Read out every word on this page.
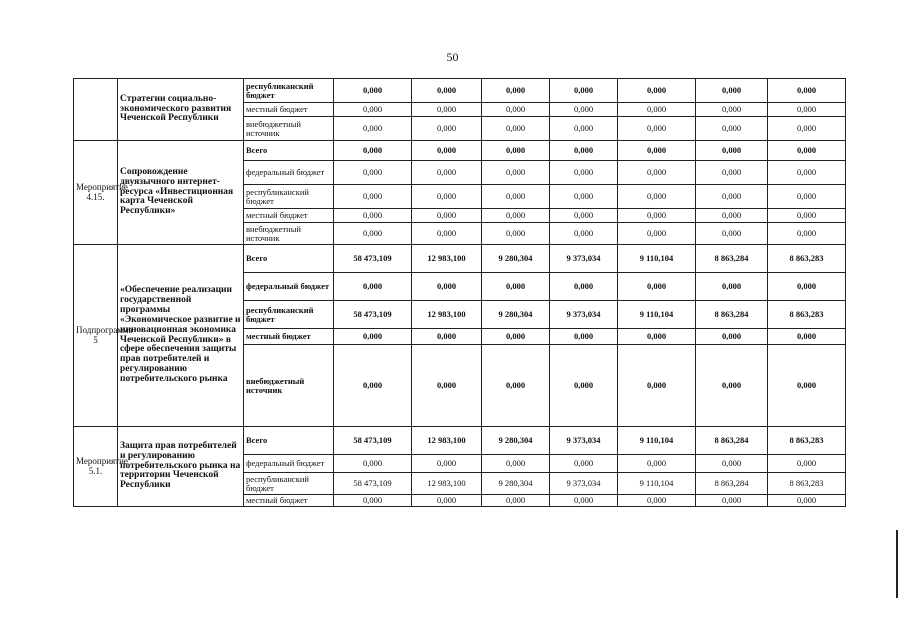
50
	Стратегии социально-экономического развития Чеченской Республики	республиканский бюджет	0,000	0,000	0,000	0,000	0,000	0,000	0,000
		местный бюджет	0,000	0,000	0,000	0,000	0,000	0,000	0,000
		внебюджетный источник	0,000	0,000	0,000	0,000	0,000	0,000	0,000
Мероприятие 4.15.	Сопровождение двуязычного интернет-ресурса «Инвестиционная карта Чеченской Республики»	Всего	0,000	0,000	0,000	0,000	0,000	0,000	0,000
		федеральный бюджет	0,000	0,000	0,000	0,000	0,000	0,000	0,000
		республиканский бюджет	0,000	0,000	0,000	0,000	0,000	0,000	0,000
		местный бюджет	0,000	0,000	0,000	0,000	0,000	0,000	0,000
		внебюджетный источник	0,000	0,000	0,000	0,000	0,000	0,000	0,000
Подпрограмма 5	«Обеспечение реализации государственной программы «Экономическое развитие и инновационная экономика Чеченской Республики» в сфере обеспечения защиты прав потребителей и регулированию потребительского рынка	Всего	58 473,109	12 983,100	9 280,304	9 373,034	9 110,104	8 863,284	8 863,283
		федеральный бюджет	0,000	0,000	0,000	0,000	0,000	0,000	0,000
		республиканский бюджет	58 473,109	12 983,100	9 280,304	9 373,034	9 110,104	8 863,284	8 863,283
		местный бюджет	0,000	0,000	0,000	0,000	0,000	0,000	0,000
		внебюджетный источник	0,000	0,000	0,000	0,000	0,000	0,000	0,000
Мероприятие 5.1.	Защита прав потребителей и регулированию потребительского рынка на территории Чеченской Республики	Всего	58 473,109	12 983,100	9 280,304	9 373,034	9 110,104	8 863,284	8 863,283
		федеральный бюджет	0,000	0,000	0,000	0,000	0,000	0,000	0,000
		республиканский бюджет	58 473,109	12 983,100	9 280,304	9 373,034	9 110,104	8 863,284	8 863,283
		местный бюджет	0,000	0,000	0,000	0,000	0,000	0,000	0,000
